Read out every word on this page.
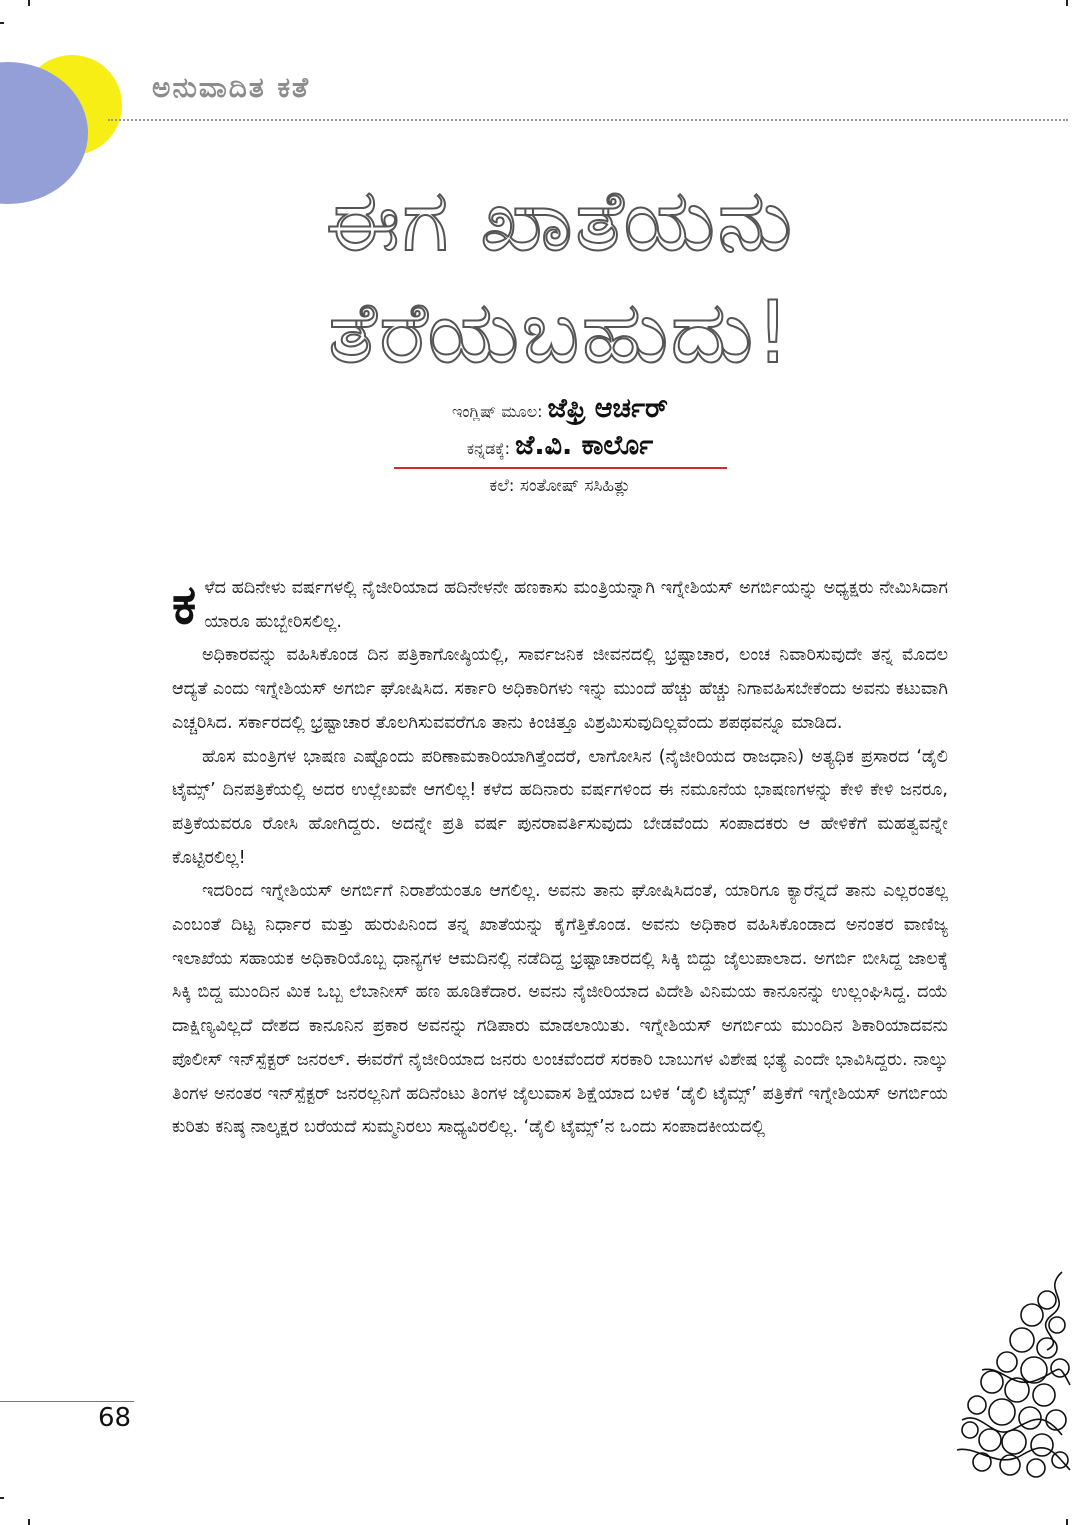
ಅನುವಾದಿತ ಕತೆ
ಈಗ ಖಾತೆಯನು
ತೆರೆಯಬಹುದು!
ಇಂಗ್ಲಿಷ್ ಮೂಲ: ಜೆಫ್ರಿ ಆರ್ಚರ್
ಕನ್ನಡಕ್ಕೆ: ಜೆ.ವಿ. ಕಾರ್ಲೊ
ಕಲೆ: ಸಂತೋಷ್ ಸಸಿಹಿತ್ಲು

ಕಳೆದ ಹದಿನೇಳು ವರ್ಷಗಳಲ್ಲಿ ನೈಜೀರಿಯಾದ ಹದಿನೇಳನೇ ಹಣಕಾಸು ಮಂತ್ರಿಯನ್ನಾಗಿ ಇಗ್ನೇಶಿಯಸ್ ಅಗರ್ಬಿಯನ್ನು ಅಧ್ಯಕ್ಷರು ನೇಮಿಸಿದಾಗ ಯಾರೂ ಹುಬ್ಬೇರಿಸಲಿಲ್ಲ.

ಅಧಿಕಾರವನ್ನು ವಹಿಸಿಕೊಂಡ ದಿನ ಪತ್ರಿಕಾಗೋಷ್ಠಿಯಲ್ಲಿ, ಸಾರ್ವಜನಿಕ ಜೀವನದಲ್ಲಿ ಭ್ರಷ್ಟಾಚಾರ, ಲಂಚ ನಿವಾರಿಸುವುದೇ ತನ್ನ ಮೊದಲ ಆದ್ಯತೆ ಎಂದು ಇಗ್ನೇಶಿಯಸ್ ಅಗರ್ಬಿ ಘೋಷಿಸಿದ. ಸರ್ಕಾರಿ ಅಧಿಕಾರಿಗಳು ಇನ್ನು ಮುಂದೆ ಹೆಚ್ಚು ಹೆಚ್ಚು ನಿಗಾವಹಿಸಬೇಕೆಂದು ಅವನು ಕಟುವಾಗಿ ಎಚ್ಚರಿಸಿದ. ಸರ್ಕಾರದಲ್ಲಿ ಭ್ರಷ್ಟಾಚಾರ ತೊಲಗಿಸುವವರೆಗೂ ತಾನು ಕಿಂಚಿತ್ತೂ ವಿಶ್ರಮಿಸುವುದಿಲ್ಲವೆಂದು ಶಪಥವನ್ನೂ ಮಾಡಿದ.

ಹೊಸ ಮಂತ್ರಿಗಳ ಭಾಷಣ ಎಷ್ಟೊಂದು ಪರಿಣಾಮಕಾರಿಯಾಗಿತ್ತೆಂದರೆ, ಲಾಗೋಸಿನ (ನೈಜೀರಿಯದ ರಾಜಧಾನಿ) ಅತ್ಯಧಿಕ ಪ್ರಸಾರದ ‘ಡೈಲಿ ಟೈಮ್ಸ್’ ದಿನಪತ್ರಿಕೆಯಲ್ಲಿ ಅದರ ಉಲ್ಲೇಖವೇ ಆಗಲಿಲ್ಲ! ಕಳೆದ ಹದಿನಾರು ವರ್ಷಗಳಿಂದ ಈ ನಮೂನೆಯ ಭಾಷಣಗಳನ್ನು ಕೇಳಿ ಕೇಳಿ ಜನರೂ, ಪತ್ರಿಕೆಯವರೂ ರೋಸಿ ಹೋಗಿದ್ದರು. ಅದನ್ನೇ ಪ್ರತಿ ವರ್ಷ ಪುನರಾವರ್ತಿಸುವುದು ಬೇಡವೆಂದು ಸಂಪಾದಕರು ಆ ಹೇಳಿಕೆಗೆ ಮಹತ್ವವನ್ನೇ ಕೊಟ್ಟಿರಲಿಲ್ಲ!

ಇದರಿಂದ ಇಗ್ನೇಶಿಯಸ್ ಅಗರ್ಬಿಗೆ ನಿರಾಶೆಯಂತೂ ಆಗಲಿಲ್ಲ. ಅವನು ತಾನು ಘೋಷಿಸಿದಂತೆ, ಯಾರಿಗೂ ಕ್ಯಾರೆನ್ನದೆ ತಾನು ಎಲ್ಲರಂತಲ್ಲ ಎಂಬಂತೆ ದಿಟ್ಟ ನಿರ್ಧಾರ ಮತ್ತು ಹುರುಪಿನಿಂದ ತನ್ನ ಖಾತೆಯನ್ನು ಕೈಗೆತ್ತಿಕೊಂಡ. ಅವನು ಅಧಿಕಾರ ವಹಿಸಿಕೊಂಡಾದ ಅನಂತರ ವಾಣಿಜ್ಯ ಇಲಾಖೆಯ ಸಹಾಯಕ ಅಧಿಕಾರಿಯೊಬ್ಬ ಧಾನ್ಯಗಳ ಆಮದಿನಲ್ಲಿ ನಡೆದಿದ್ದ ಭ್ರಷ್ಟಾಚಾರದಲ್ಲಿ ಸಿಕ್ಕಿ ಬಿದ್ದು ಜೈಲುಪಾಲಾದ. ಅಗರ್ಬಿ ಬೀಸಿದ್ದ ಜಾಲಕ್ಕೆ ಸಿಕ್ಕಿ ಬಿದ್ದ ಮುಂದಿನ ಮಿಕ ಒಬ್ಬ ಲೆಬಾನೀಸ್ ಹಣ ಹೂಡಿಕೆದಾರ. ಅವನು ನೈಜೀರಿಯಾದ ವಿದೇಶಿ ವಿನಿಮಯ ಕಾನೂನನ್ನು ಉಲ್ಲಂಘಿಸಿದ್ದ. ದಯೆ ದಾಕ್ಷಿಣ್ಯವಿಲ್ಲದೆ ದೇಶದ ಕಾನೂನಿನ ಪ್ರಕಾರ ಅವನನ್ನು ಗಡಿಪಾರು ಮಾಡಲಾಯಿತು. ಇಗ್ನೇಶಿಯಸ್ ಅಗರ್ಬಿಯ ಮುಂದಿನ ಶಿಕಾರಿಯಾದವನು ಪೊಲೀಸ್ ಇನ್‌ಸ್ಪೆಕ್ಟರ್ ಜನರಲ್. ಈವರೆಗೆ ನೈಜೀರಿಯಾದ ಜನರು ಲಂಚವೆಂದರೆ ಸರಕಾರಿ ಬಾಬುಗಳ ವಿಶೇಷ ಭತ್ಯೆ ಎಂದೇ ಭಾವಿಸಿದ್ದರು. ನಾಲ್ಕು ತಿಂಗಳ ಅನಂತರ ಇನ್‌ಸ್ಪೆಕ್ಟರ್ ಜನರಲ್ಲನಿಗೆ ಹದಿನೆಂಟು ತಿಂಗಳ ಜೈಲುವಾಸ ಶಿಕ್ಷೆಯಾದ ಬಳಿಕ ‘ಡೈಲಿ ಟೈಮ್ಸ್’ ಪತ್ರಿಕೆಗೆ ಇಗ್ನೇಶಿಯಸ್ ಅಗರ್ಬಿಯ ಕುರಿತು ಕನಿಷ್ಠ ನಾಲ್ಕಕ್ಷರ ಬರೆಯದೆ ಸುಮ್ಮನಿರಲು ಸಾಧ್ಯವಿರಲಿಲ್ಲ. ‘ಡೈಲಿ ಟೈಮ್ಸ್’ನ ಒಂದು ಸಂಪಾದಕೀಯದಲ್ಲಿ

68
